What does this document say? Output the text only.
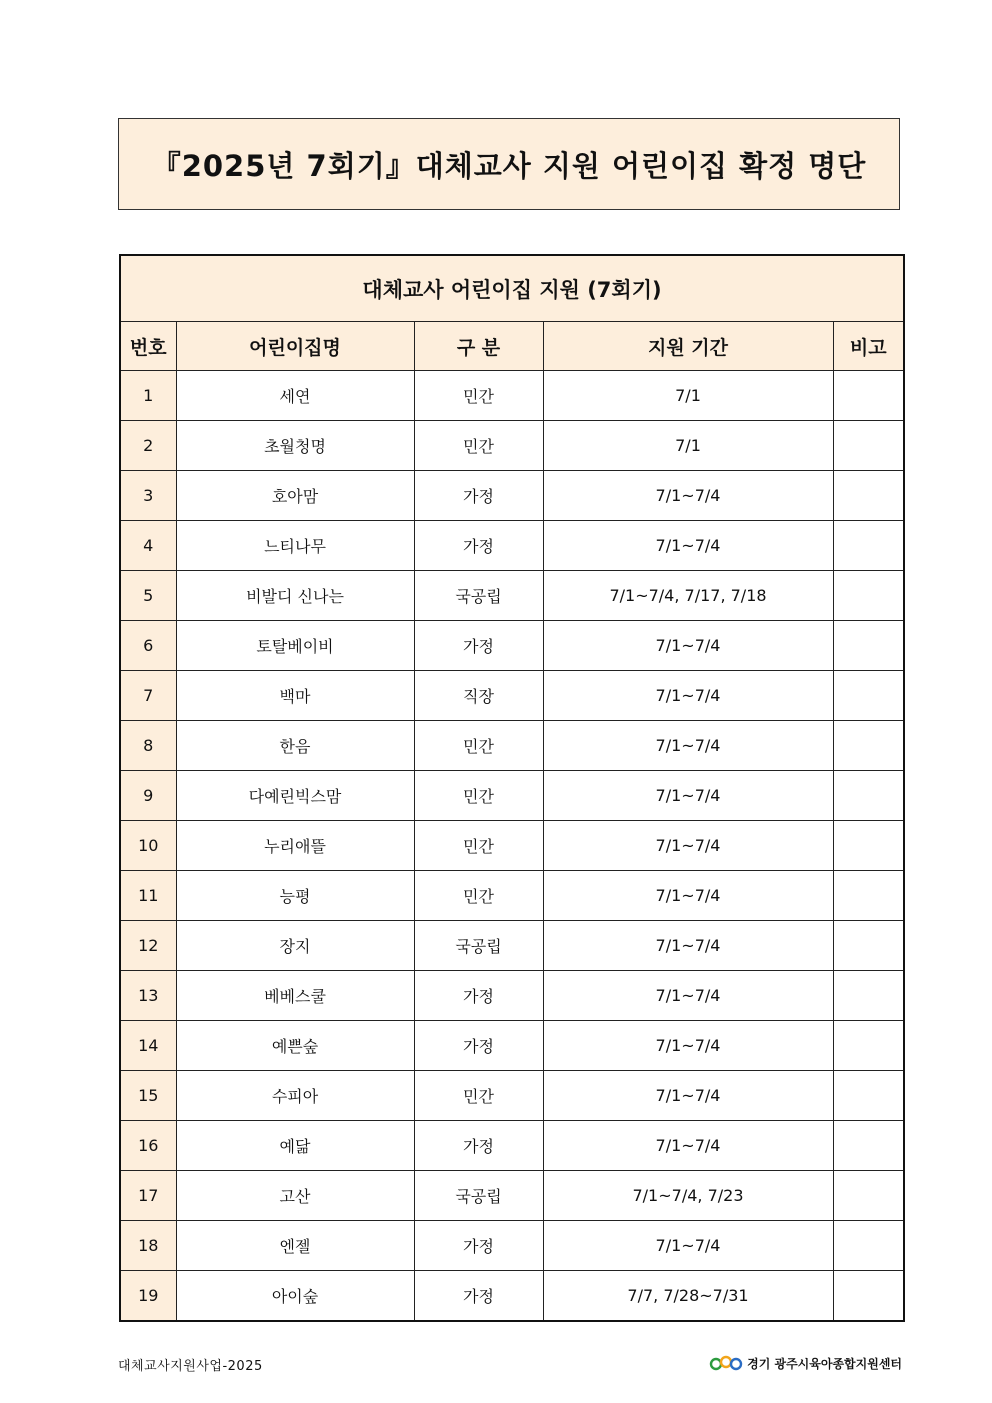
『2025년 7회기』대체교사 지원 어린이집 확정 명단
대체교사 어린이집 지원 (7회기)				
번호	어린이집명	구 분	지원 기간	비고
1	세연	민간	7/1	
2	초월청명	민간	7/1	
3	호아맘	가정	7/1~7/4	
4	느티나무	가정	7/1~7/4	
5	비발디 신나는	국공립	7/1~7/4, 7/17, 7/18	
6	토탈베이비	가정	7/1~7/4	
7	백마	직장	7/1~7/4	
8	한음	민간	7/1~7/4	
9	다예린빅스맘	민간	7/1~7/4	
10	누리애뜰	민간	7/1~7/4	
11	능평	민간	7/1~7/4	
12	장지	국공립	7/1~7/4	
13	베베스쿨	가정	7/1~7/4	
14	예쁜숲	가정	7/1~7/4	
15	수피아	민간	7/1~7/4	
16	예닮	가정	7/1~7/4	
17	고산	국공립	7/1~7/4, 7/23	
18	엔젤	가정	7/1~7/4	
19	아이숲	가정	7/7, 7/28~7/31	
대체교사지원사업-2025	경기 광주시육아종합지원센터
